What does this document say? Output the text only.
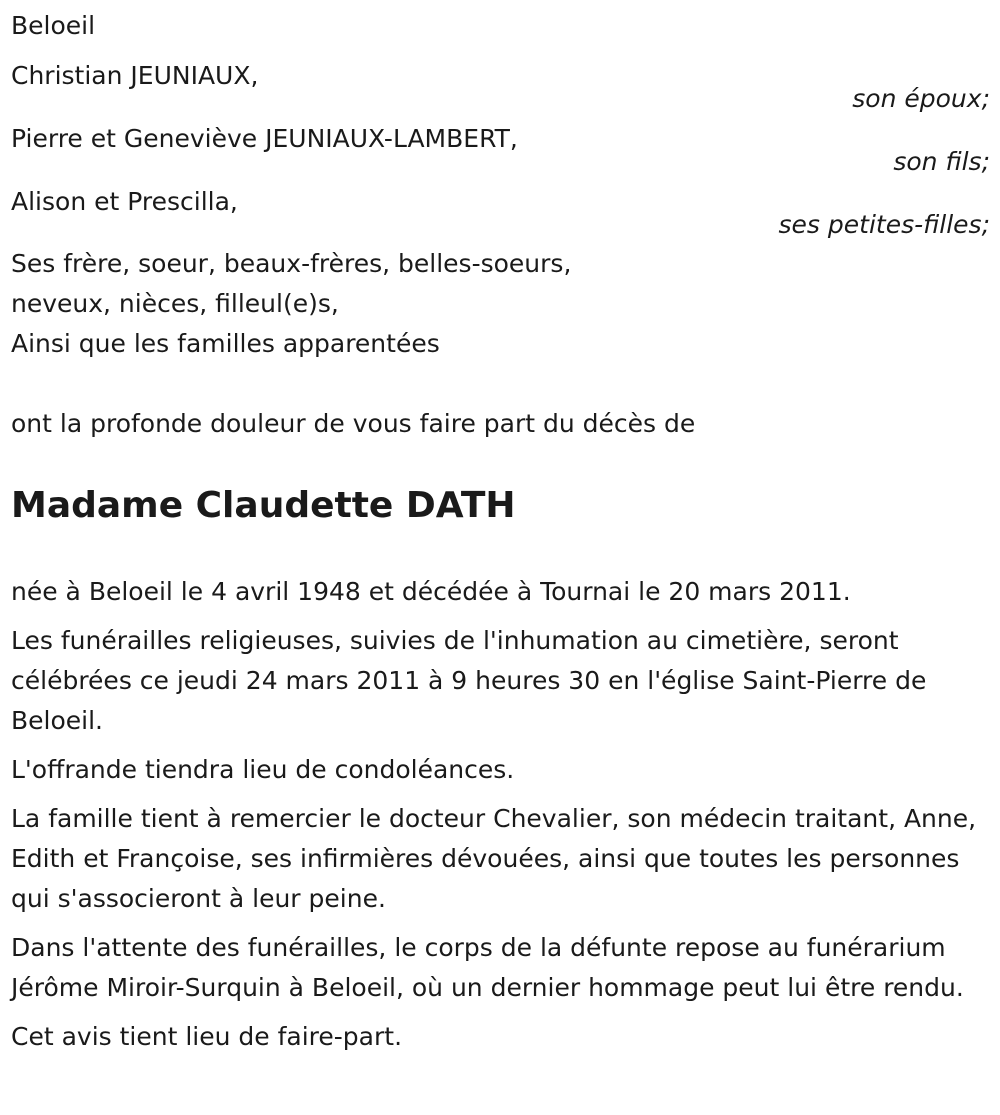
Beloeil
Christian JEUNIAUX,
son époux;
Pierre et Geneviève JEUNIAUX-LAMBERT,
son fils;
Alison et Prescilla,
ses petites-filles;
Ses frère, soeur, beaux-frères, belles-soeurs,
neveux, nièces, filleul(e)s,
Ainsi que les familles apparentées
ont la profonde douleur de vous faire part du décès de
Madame Claudette DATH

née à Beloeil le 4 avril 1948 et décédée à Tournai le 20 mars 2011.

Les funérailles religieuses, suivies de l'inhumation au cimetière, seront célébrées ce jeudi 24 mars 2011 à 9 heures 30 en l'église Saint-Pierre de Beloeil.

L'offrande tiendra lieu de condoléances.

La famille tient à remercier le docteur Chevalier, son médecin traitant, Anne, Edith et Françoise, ses infirmières dévouées, ainsi que toutes les personnes qui s'associeront à leur peine.

Dans l'attente des funérailles, le corps de la défunte repose au funérarium Jérôme Miroir-Surquin à Beloeil, où un dernier hommage peut lui être rendu.

Cet avis tient lieu de faire-part.
